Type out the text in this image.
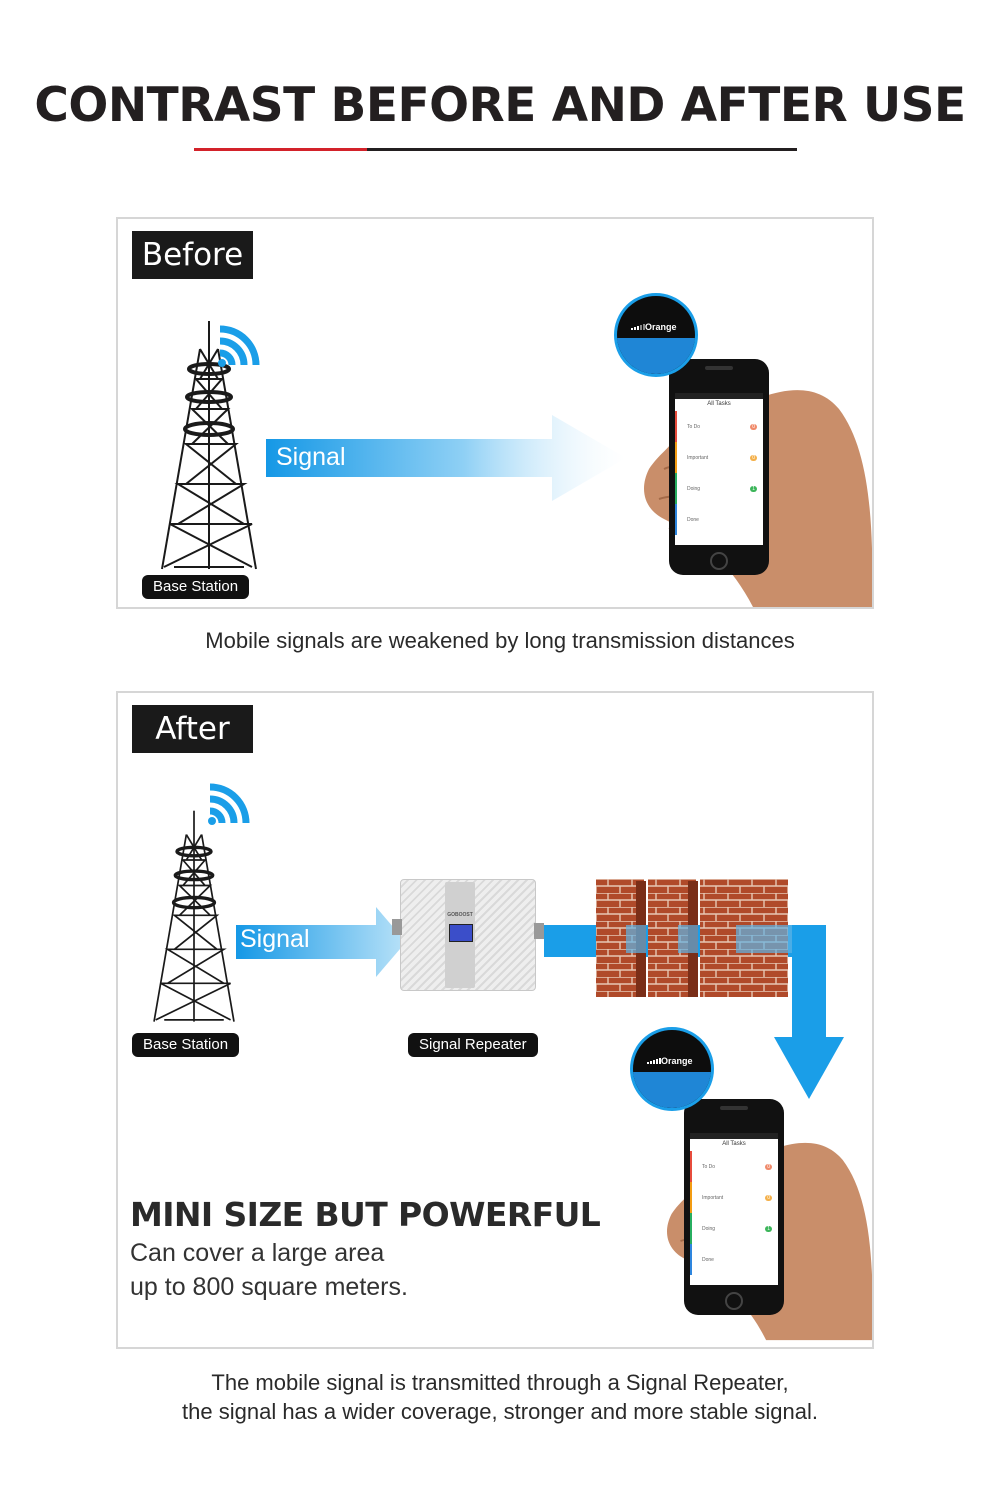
CONTRAST BEFORE AND AFTER USE
Before
Base Station
Signal
All Tasks
To Do	0
Important	0
Doing	1
Done
Orange
Mobile signals are weakened by long transmission distances
After
Base Station
Signal
GOBOOST
Signal Repeater
All Tasks
To Do	0
Important	0
Doing	1
Done
Orange
MINI SIZE BUT POWERFUL
Can cover a large area
up to 800 square meters.
The mobile signal is transmitted through a Signal Repeater,
the signal has a wider coverage, stronger and more stable signal.
